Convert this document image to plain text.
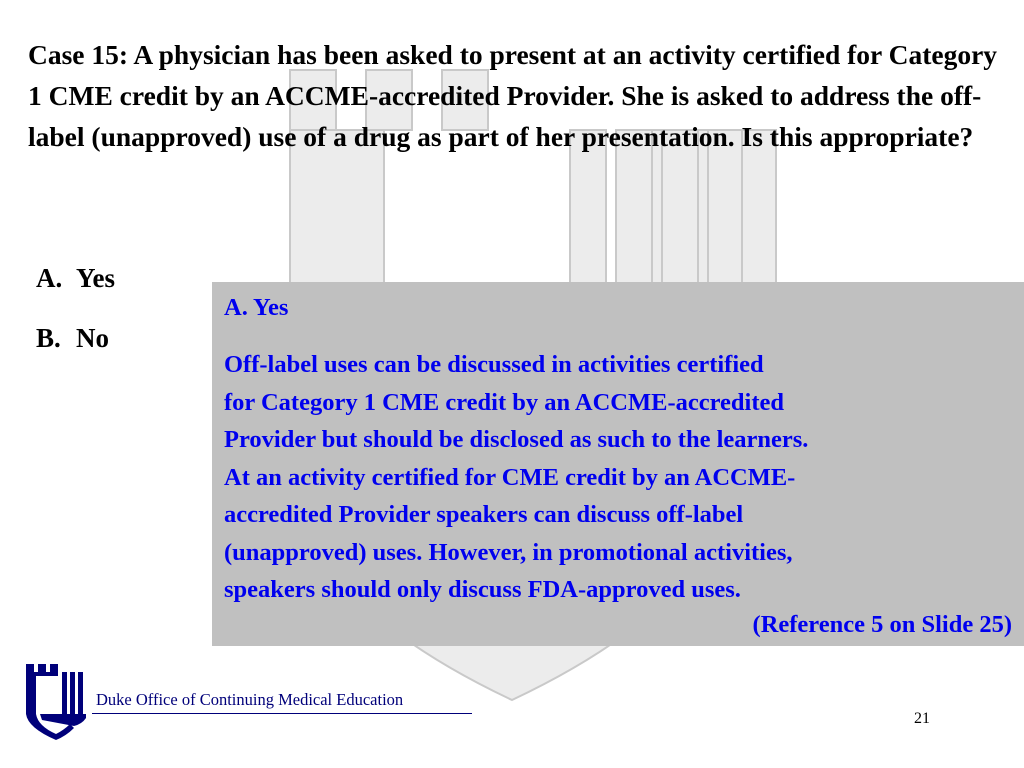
Case 15: A physician has been asked to present at an activity certified for Category 1 CME credit by an ACCME-accredited Provider. She is asked to address the off-label (unapproved) use of a drug as part of her presentation. Is this appropriate?

A. Yes
B. No
A. Yes
Off-label uses can be discussed in activities certified
for Category 1 CME credit by an ACCME-accredited
Provider but should be disclosed as such to the learners.
At an activity certified for CME credit by an ACCME-
accredited Provider speakers can discuss off-label
(unapproved) uses. However, in promotional activities,
speakers should only discuss FDA-approved uses.
(Reference 5 on Slide 25)
Duke Office of Continuing Medical Education
21
